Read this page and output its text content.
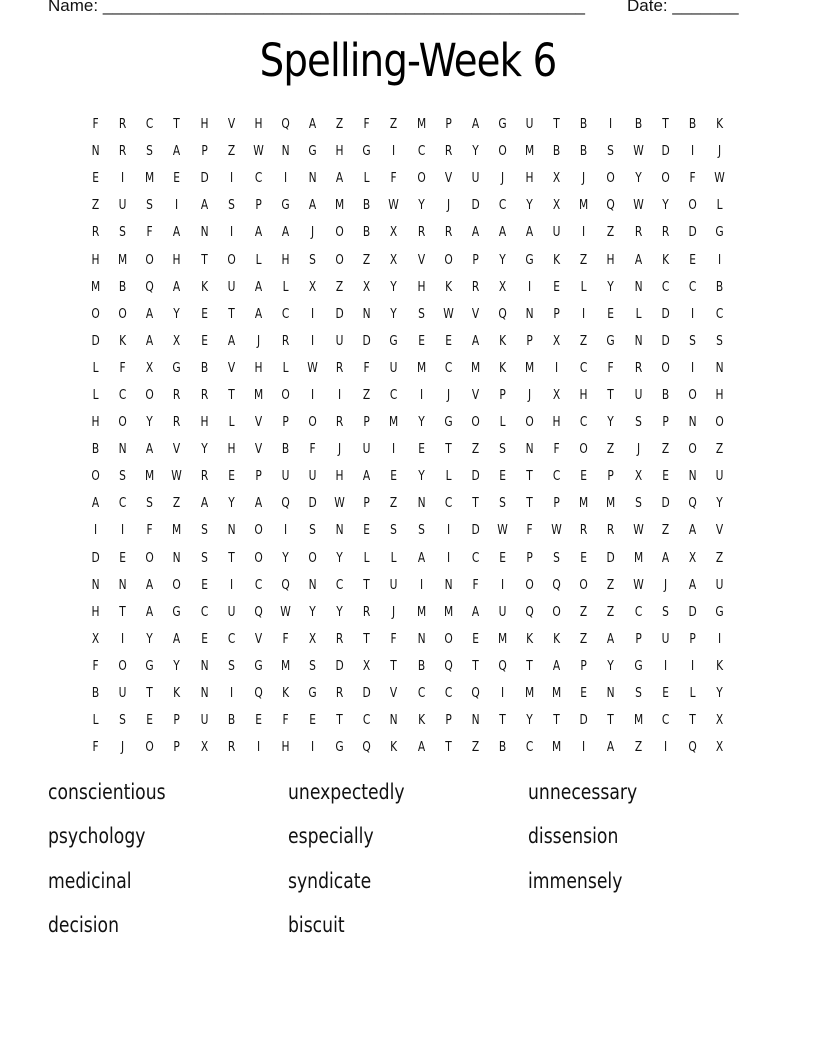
Name: ___________________________________________________ Date: _______
Spelling-Week 6
F	R	C	T	H	V	H	Q	A	Z	F	Z	M	P	A	G	U	T	B	I	B	T	B	K
N	R	S	A	P	Z	W	N	G	H	G	I	C	R	Y	O	M	B	B	S	W	D	I	J
E	I	M	E	D	I	C	I	N	A	L	F	O	V	U	J	H	X	J	O	Y	O	F	W
Z	U	S	I	A	S	P	G	A	M	B	W	Y	J	D	C	Y	X	M	Q	W	Y	O	L
R	S	F	A	N	I	A	A	J	O	B	X	R	R	A	A	A	U	I	Z	R	R	D	G
H	M	O	H	T	O	L	H	S	O	Z	X	V	O	P	Y	G	K	Z	H	A	K	E	I
M	B	Q	A	K	U	A	L	X	Z	X	Y	H	K	R	X	I	E	L	Y	N	C	C	B
O	O	A	Y	E	T	A	C	I	D	N	Y	S	W	V	Q	N	P	I	E	L	D	I	C
D	K	A	X	E	A	J	R	I	U	D	G	E	E	A	K	P	X	Z	G	N	D	S	S
L	F	X	G	B	V	H	L	W	R	F	U	M	C	M	K	M	I	C	F	R	O	I	N
L	C	O	R	R	T	M	O	I	I	Z	C	I	J	V	P	J	X	H	T	U	B	O	H
H	O	Y	R	H	L	V	P	O	R	P	M	Y	G	O	L	O	H	C	Y	S	P	N	O
B	N	A	V	Y	H	V	B	F	J	U	I	E	T	Z	S	N	F	O	Z	J	Z	O	Z
O	S	M	W	R	E	P	U	U	H	A	E	Y	L	D	E	T	C	E	P	X	E	N	U
A	C	S	Z	A	Y	A	Q	D	W	P	Z	N	C	T	S	T	P	M	M	S	D	Q	Y
I	I	F	M	S	N	O	I	S	N	E	S	S	I	D	W	F	W	R	R	W	Z	A	V
D	E	O	N	S	T	O	Y	O	Y	L	L	A	I	C	E	P	S	E	D	M	A	X	Z
N	N	A	O	E	I	C	Q	N	C	T	U	I	N	F	I	O	Q	O	Z	W	J	A	U
H	T	A	G	C	U	Q	W	Y	Y	R	J	M	M	A	U	Q	O	Z	Z	C	S	D	G
X	I	Y	A	E	C	V	F	X	R	T	F	N	O	E	M	K	K	Z	A	P	U	P	I
F	O	G	Y	N	S	G	M	S	D	X	T	B	Q	T	Q	T	A	P	Y	G	I	I	K
B	U	T	K	N	I	Q	K	G	R	D	V	C	C	Q	I	M	M	E	N	S	E	L	Y
L	S	E	P	U	B	E	F	E	T	C	N	K	P	N	T	Y	T	D	T	M	C	T	X
F	J	O	P	X	R	I	H	I	G	Q	K	A	T	Z	B	C	M	I	A	Z	I	Q	X
conscientious	unexpectedly	unnecessary
psychology	especially	dissension
medicinal	syndicate	immensely
decision	biscuit
